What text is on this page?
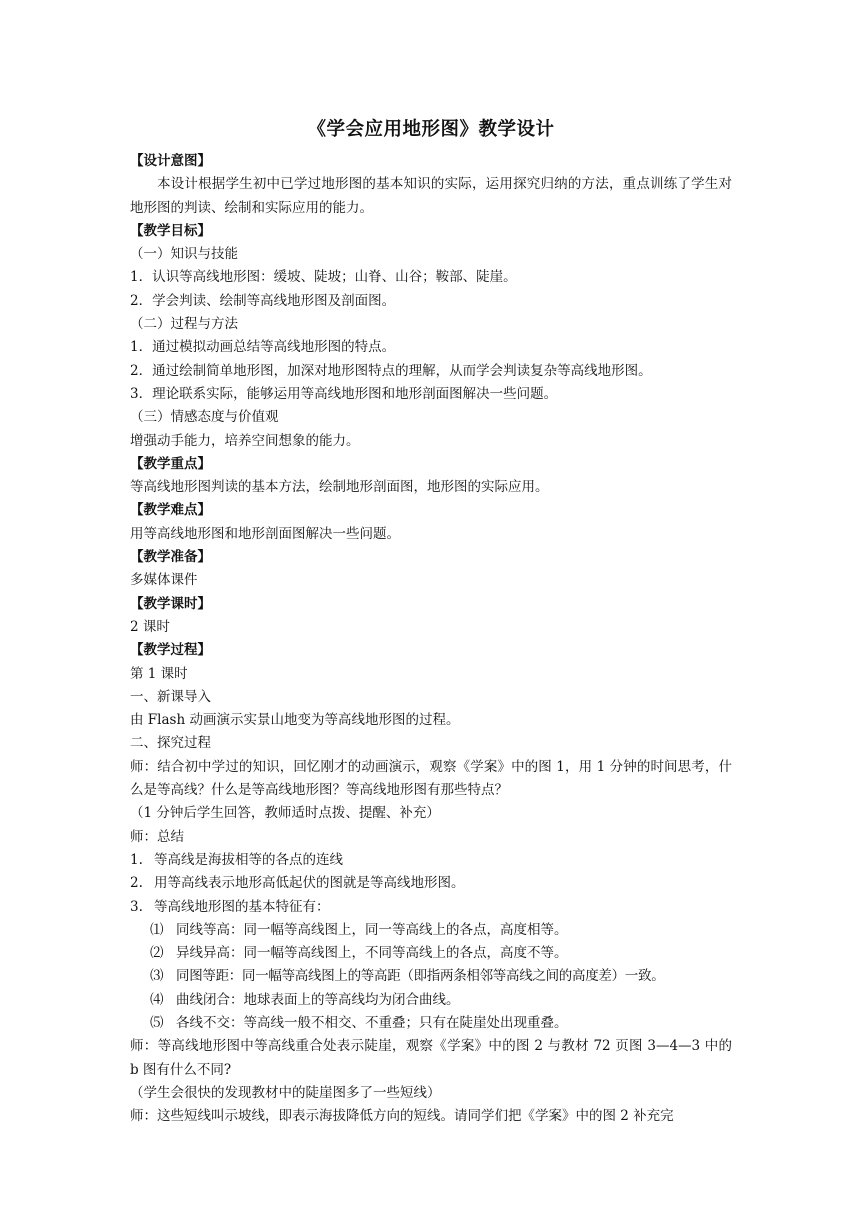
《学会应用地形图》教学设计
【设计意图】
本设计根据学生初中已学过地形图的基本知识的实际，运用探究归纳的方法，重点训练了学生对地形图的判读、绘制和实际应用的能力。
【教学目标】
（一）知识与技能
1．认识等高线地形图：缓坡、陡坡；山脊、山谷；鞍部、陡崖。
2．学会判读、绘制等高线地形图及剖面图。
（二）过程与方法
1．通过模拟动画总结等高线地形图的特点。
2．通过绘制简单地形图，加深对地形图特点的理解，从而学会判读复杂等高线地形图。
3．理论联系实际，能够运用等高线地形图和地形剖面图解决一些问题。
（三）情感态度与价值观
增强动手能力，培养空间想象的能力。
【教学重点】
等高线地形图判读的基本方法，绘制地形剖面图，地形图的实际应用。
【教学难点】
用等高线地形图和地形剖面图解决一些问题。
【教学准备】
多媒体课件
【教学课时】
2 课时
【教学过程】
第 1 课时
一、新课导入
由 Flash 动画演示实景山地变为等高线地形图的过程。
二、探究过程
师：结合初中学过的知识，回忆刚才的动画演示，观察《学案》中的图 1，用 1 分钟的时间思考，什么是等高线？什么是等高线地形图？等高线地形图有那些特点？
（1 分钟后学生回答，教师适时点拨、提醒、补充）
师：总结
1. 等高线是海拔相等的各点的连线
2. 用等高线表示地形高低起伏的图就是等高线地形图。
3. 等高线地形图的基本特征有：
⑴ 同线等高：同一幅等高线图上，同一等高线上的各点，高度相等。
⑵ 异线异高：同一幅等高线图上，不同等高线上的各点，高度不等。
⑶ 同图等距：同一幅等高线图上的等高距（即指两条相邻等高线之间的高度差）一致。
⑷ 曲线闭合：地球表面上的等高线均为闭合曲线。
⑸ 各线不交：等高线一般不相交、不重叠；只有在陡崖处出现重叠。
师：等高线地形图中等高线重合处表示陡崖，观察《学案》中的图 2 与教材 72 页图 3—4—3 中的 b 图有什么不同?
（学生会很快的发现教材中的陡崖图多了一些短线）
师：这些短线叫示坡线，即表示海拔降低方向的短线。请同学们把《学案》中的图 2 补充完
